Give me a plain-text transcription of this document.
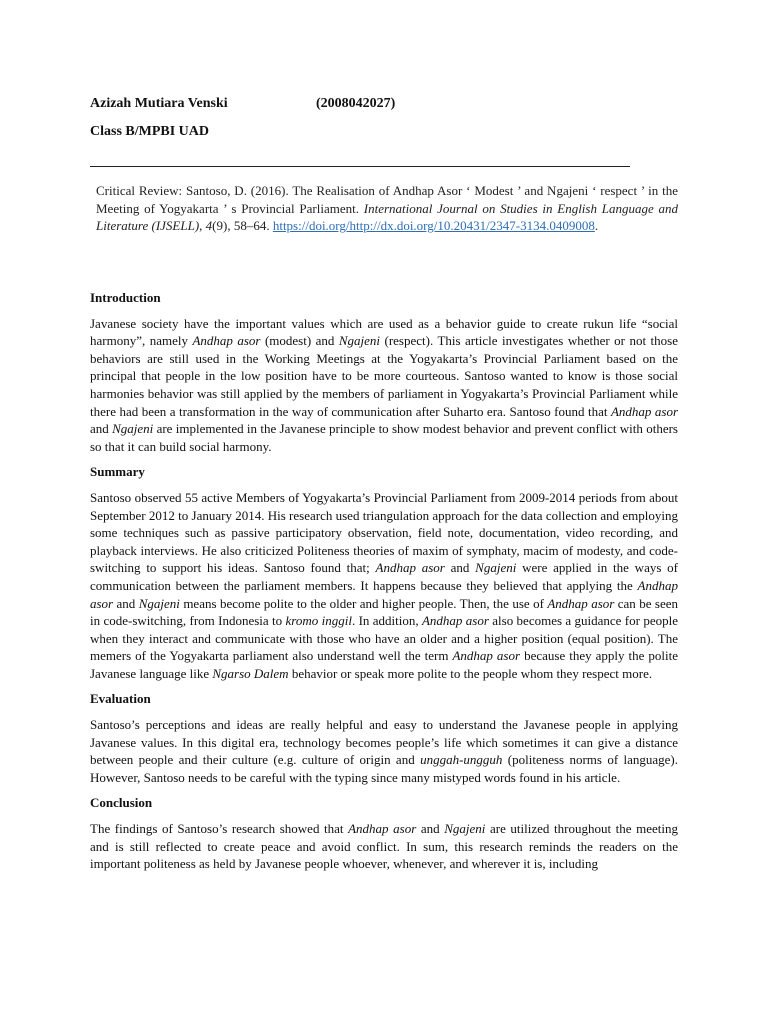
Azizah Mutiara Venski	(2008042027)
Class B/MPBI UAD
Critical Review: Santoso, D. (2016). The Realisation of Andhap Asor ‘ Modest ’ and Ngajeni ‘ respect ’ in the Meeting of Yogyakarta ’ s Provincial Parliament. International Journal on Studies in English Language and Literature (IJSELL), 4(9), 58–64. https://doi.org/http://dx.doi.org/10.20431/2347-3134.0409008.
Introduction

Javanese society have the important values which are used as a behavior guide to create rukun life “social harmony”, namely Andhap asor (modest) and Ngajeni (respect). This article investigates whether or not those behaviors are still used in the Working Meetings at the Yogyakarta’s Provincial Parliament based on the principal that people in the low position have to be more courteous. Santoso wanted to know is those social harmonies behavior was still applied by the members of parliament in Yogyakarta’s Provincial Parliament while there had been a transformation in the way of communication after Suharto era. Santoso found that Andhap asor and Ngajeni are implemented in the Javanese principle to show modest behavior and prevent conflict with others so that it can build social harmony.

Summary

Santoso observed 55 active Members of Yogyakarta’s Provincial Parliament from 2009-2014 periods from about September 2012 to January 2014. His research used triangulation approach for the data collection and employing some techniques such as passive participatory observation, field note, documentation, video recording, and playback interviews. He also criticized Politeness theories of maxim of symphaty, macim of modesty, and code-switching to support his ideas. Santoso found that; Andhap asor and Ngajeni were applied in the ways of communication between the parliament members. It happens because they believed that applying the Andhap asor and Ngajeni means become polite to the older and higher people. Then, the use of Andhap asor can be seen in code-switching, from Indonesia to kromo inggil. In addition, Andhap asor also becomes a guidance for people when they interact and communicate with those who have an older and a higher position (equal position). The memers of the Yogyakarta parliament also understand well the term Andhap asor because they apply the polite Javanese language like Ngarso Dalem behavior or speak more polite to the people whom they respect more.

Evaluation

Santoso’s perceptions and ideas are really helpful and easy to understand the Javanese people in applying Javanese values. In this digital era, technology becomes people’s life which sometimes it can give a distance between people and their culture (e.g. culture of origin and unggah-ungguh (politeness norms of language). However, Santoso needs to be careful with the typing since many mistyped words found in his article.

Conclusion

The findings of Santoso’s research showed that Andhap asor and Ngajeni are utilized throughout the meeting and is still reflected to create peace and avoid conflict. In sum, this research reminds the readers on the important politeness as held by Javanese people whoever, whenever, and wherever it is, including
